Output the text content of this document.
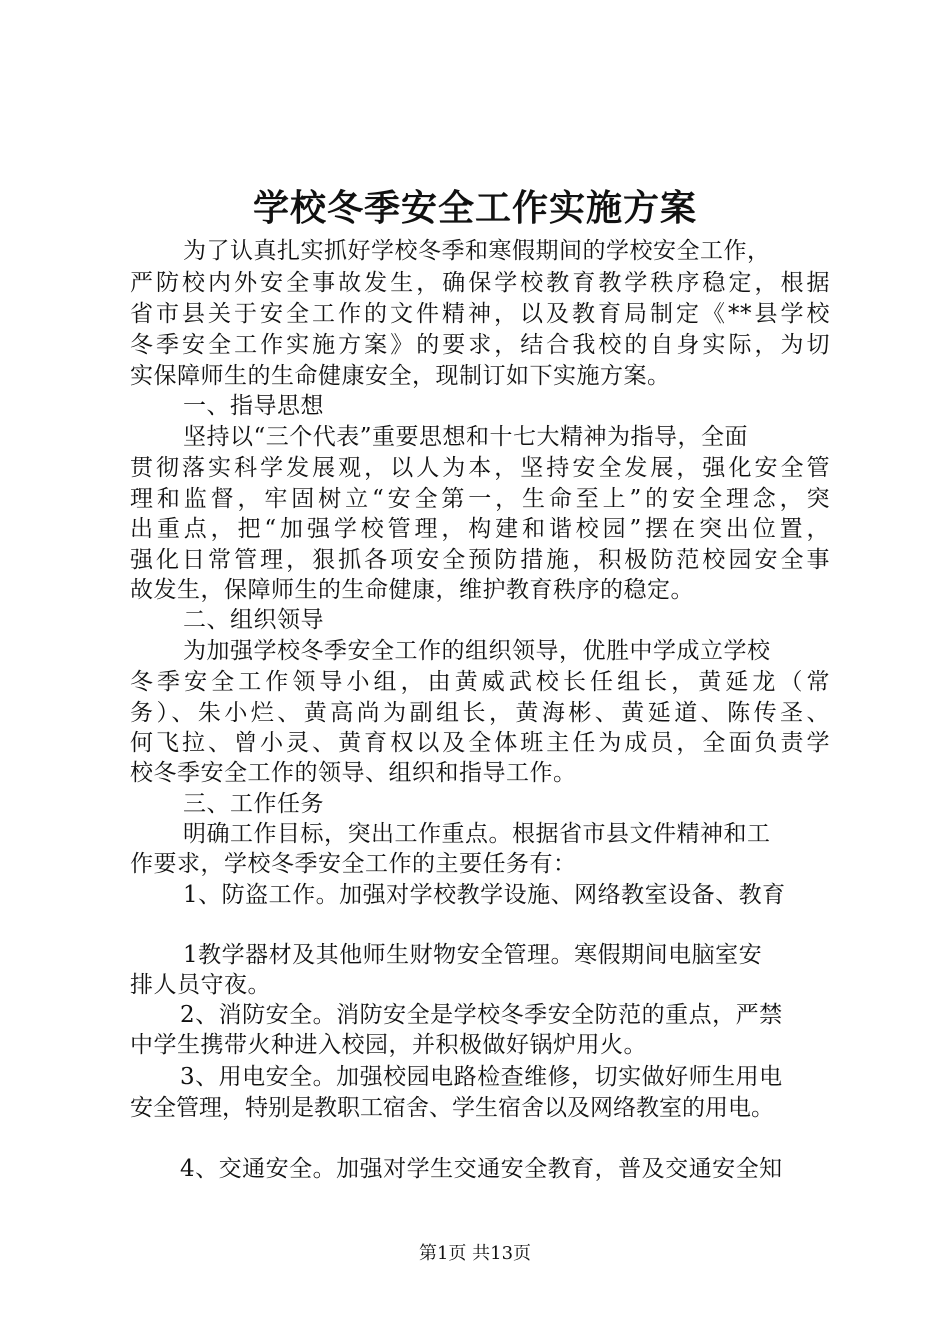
学校冬季安全工作实施方案
为了认真扎实抓好学校冬季和寒假期间的学校安全工作，
严防校内外安全事故发生，确保学校教育教学秩序稳定，根据
省市县关于安全工作的文件精神，以及教育局制定《**县学校
冬季安全工作实施方案》的要求，结合我校的自身实际，为切
实保障师生的生命健康安全，现制订如下实施方案。
一、指导思想
坚持以“三个代表”重要思想和十七大精神为指导，全面
贯彻落实科学发展观，以人为本，坚持安全发展，强化安全管
理和监督，牢固树立“安全第一，生命至上”的安全理念，突
出重点，把“加强学校管理，构建和谐校园”摆在突出位置，
强化日常管理，狠抓各项安全预防措施，积极防范校园安全事
故发生，保障师生的生命健康，维护教育秩序的稳定。
二、组织领导
为加强学校冬季安全工作的组织领导，优胜中学成立学校
冬季安全工作领导小组，由黄威武校长任组长，黄延龙（常
务）、朱小烂、黄高尚为副组长，黄海彬、黄延道、陈传圣、
何飞拉、曾小灵、黄育权以及全体班主任为成员，全面负责学
校冬季安全工作的领导、组织和指导工作。
三、工作任务
明确工作目标，突出工作重点。根据省市县文件精神和工
作要求，学校冬季安全工作的主要任务有：
1、防盗工作。加强对学校教学设施、网络教室设备、教育
1教学器材及其他师生财物安全管理。寒假期间电脑室安
排人员守夜。
2、消防安全。消防安全是学校冬季安全防范的重点，严禁
中学生携带火种进入校园，并积极做好锅炉用火。
3、用电安全。加强校园电路检查维修，切实做好师生用电
安全管理，特别是教职工宿舍、学生宿舍以及网络教室的用电。
4、交通安全。加强对学生交通安全教育，普及交通安全知
第1页 共13页
